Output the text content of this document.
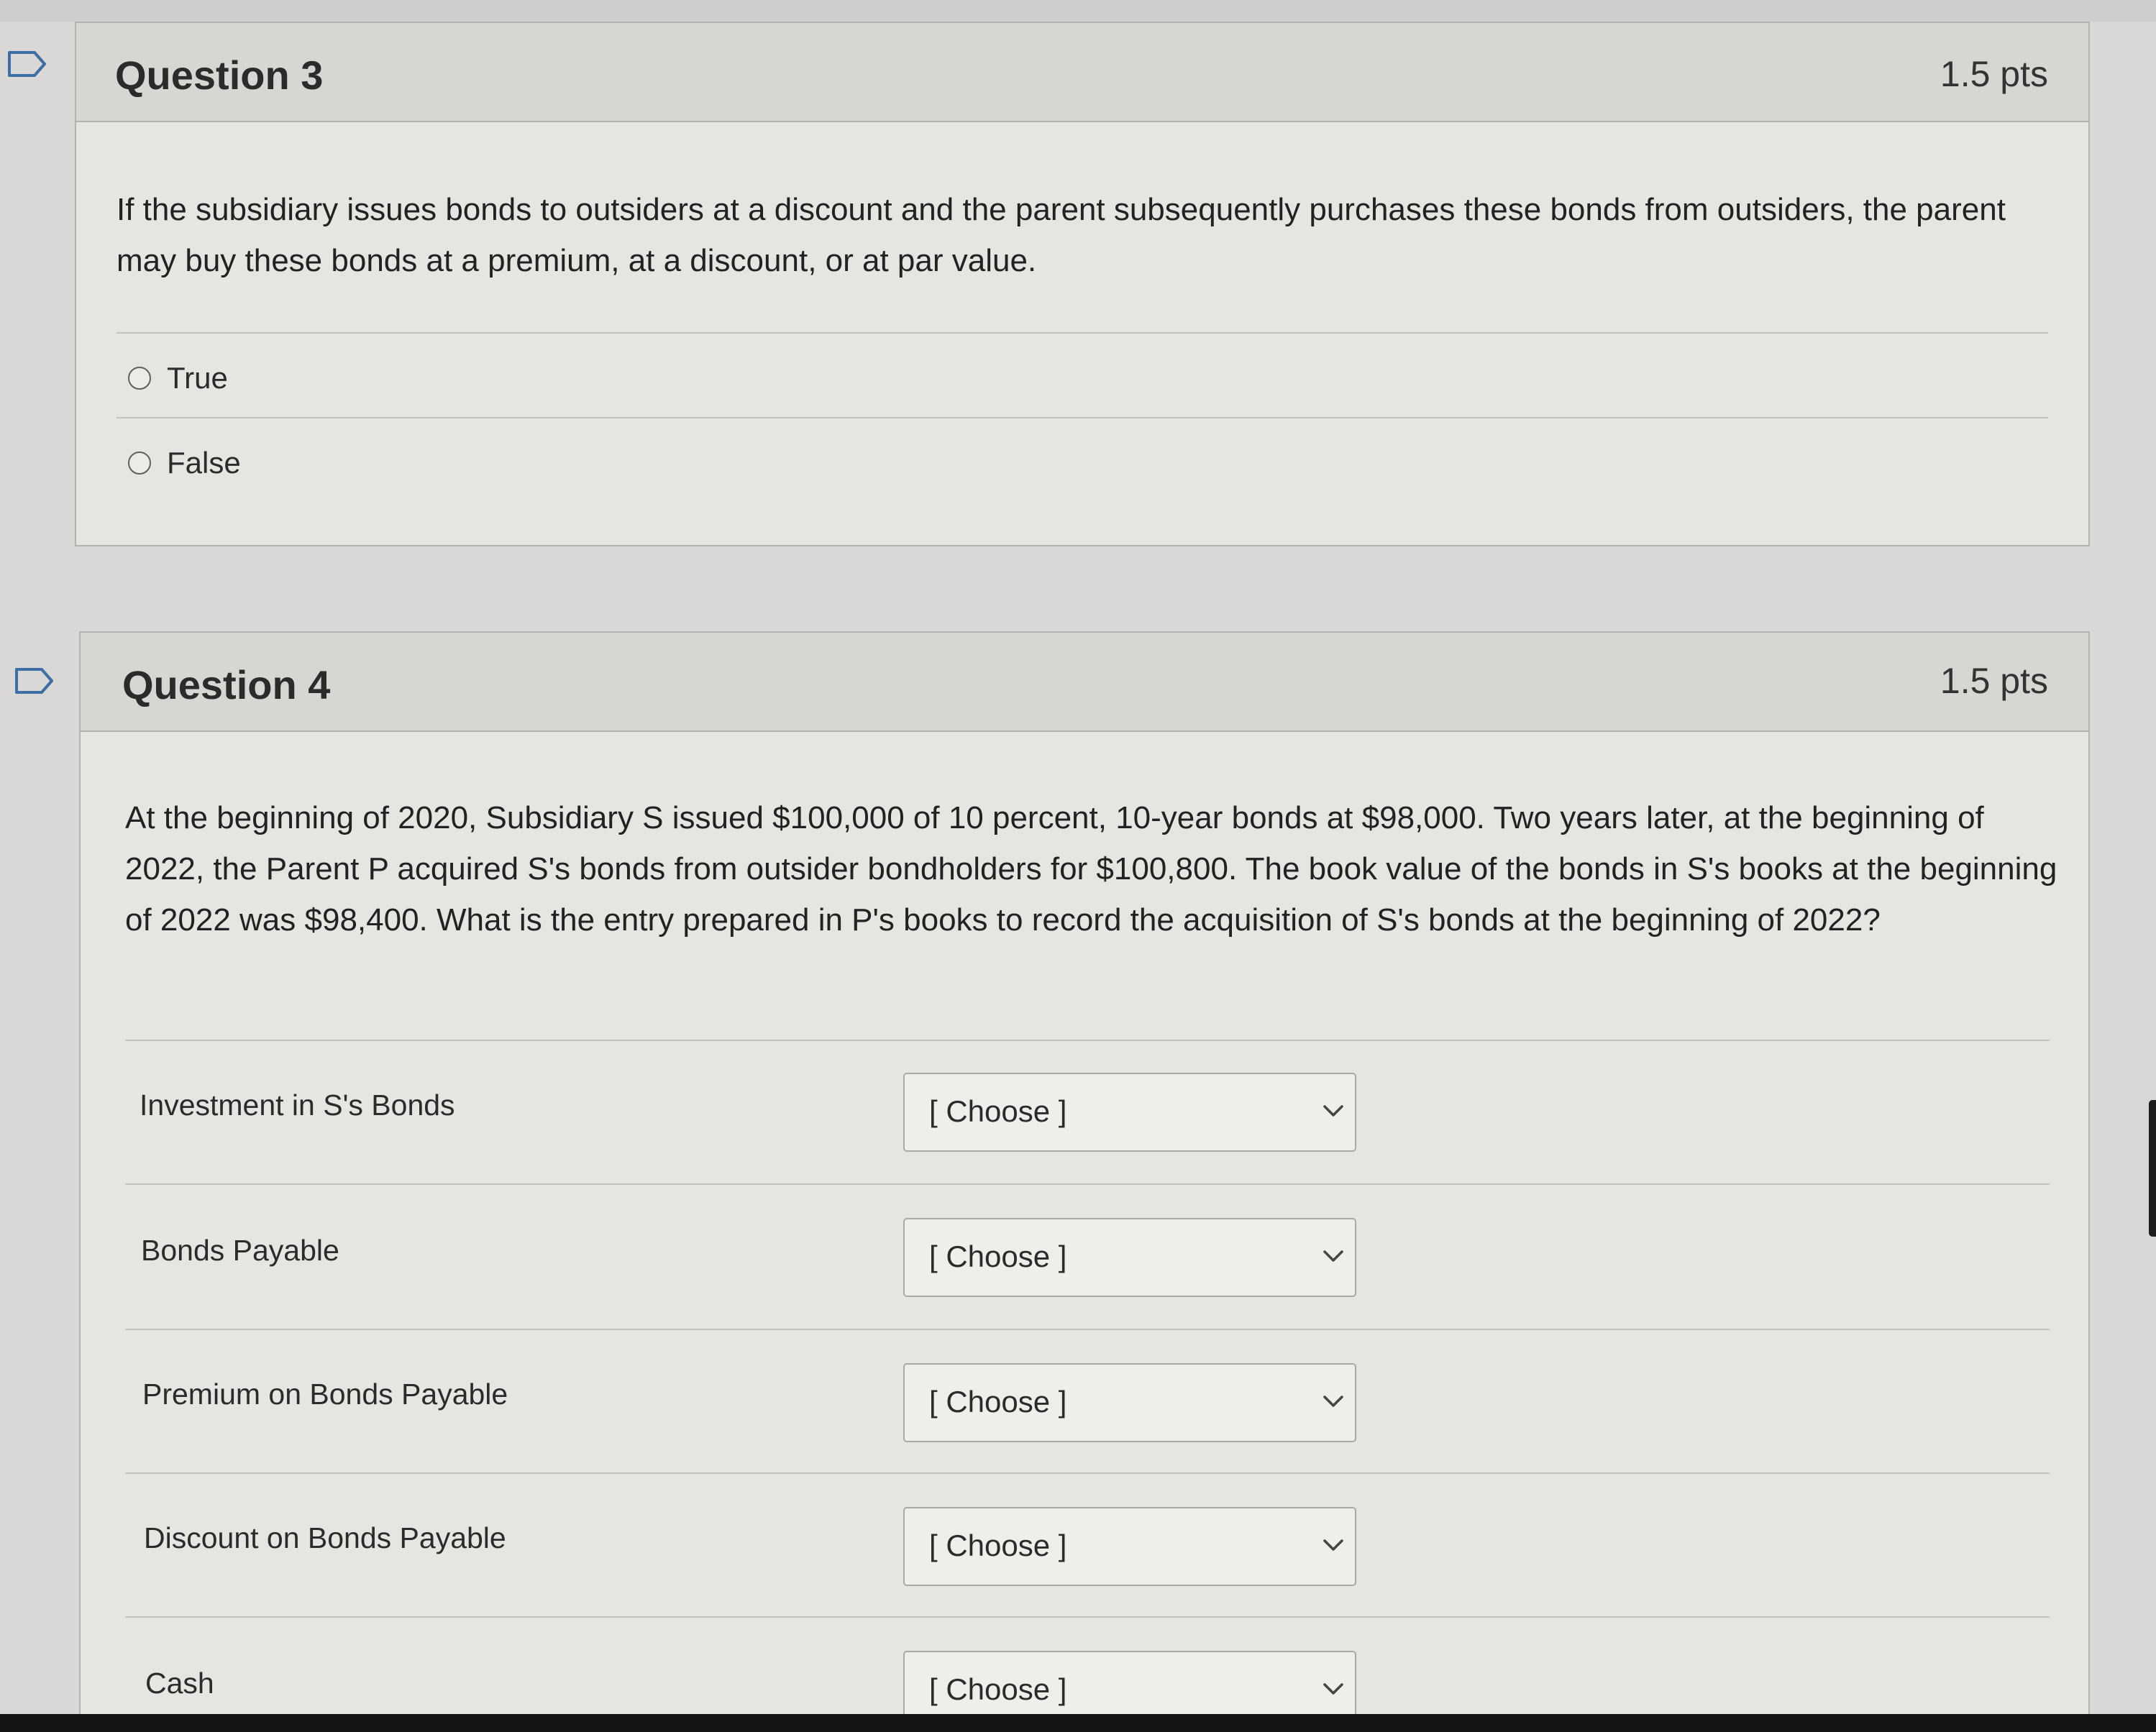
Question 3	1.5 pts
If the subsidiary issues bonds to outsiders at a discount and the parent subsequently purchases these bonds from outsiders, the parent may buy these bonds at a premium, at a discount, or at par value.
True
False
Question 4	1.5 pts
At the beginning of 2020, Subsidiary S issued $100,000 of 10 percent, 10-year bonds at $98,000. Two years later, at the beginning of 2022, the Parent P acquired S's bonds from outsider bondholders for $100,800. The book value of the bonds in S's books at the beginning of 2022 was $98,400. What is the entry prepared in P's books to record the acquisition of S's bonds at the beginning of 2022?
Investment in S's Bonds	[ Choose ]
Bonds Payable	[ Choose ]
Premium on Bonds Payable	[ Choose ]
Discount on Bonds Payable	[ Choose ]
Cash	[ Choose ]
